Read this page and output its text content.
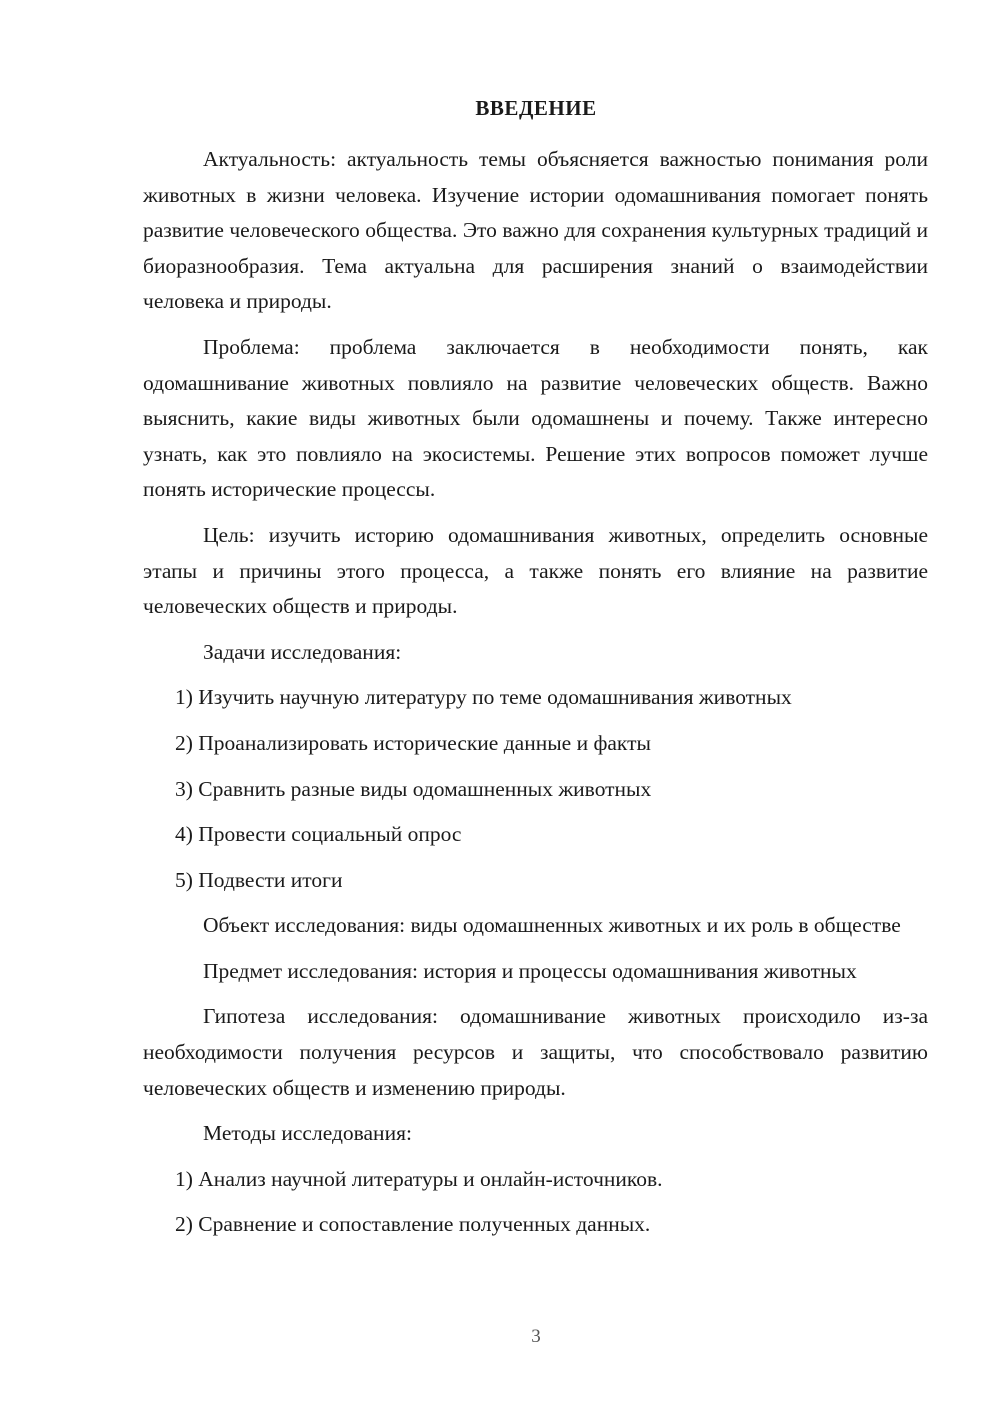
ВВЕДЕНИЕ

Актуальность: актуальность темы объясняется важностью понимания роли животных в жизни человека. Изучение истории одомашнивания помогает понять развитие человеческого общества. Это важно для сохранения культурных традиций и биоразнообразия. Тема актуальна для расширения знаний о взаимодействии человека и природы.

Проблема: проблема заключается в необходимости понять, как одомашнивание животных повлияло на развитие человеческих обществ. Важно выяснить, какие виды животных были одомашнены и почему. Также интересно узнать, как это повлияло на экосистемы. Решение этих вопросов поможет лучше понять исторические процессы.

Цель: изучить историю одомашнивания животных, определить основные этапы и причины этого процесса, а также понять его влияние на развитие человеческих обществ и природы.

Задачи исследования:

1) Изучить научную литературу по теме одомашнивания животных

2) Проанализировать исторические данные и факты

3) Сравнить разные виды одомашненных животных

4) Провести социальный опрос

5) Подвести итоги

Объект исследования: виды одомашненных животных и их роль в обществе

Предмет исследования: история и процессы одомашнивания животных

Гипотеза исследования: одомашнивание животных происходило из-за необходимости получения ресурсов и защиты, что способствовало развитию человеческих обществ и изменению природы.

Методы исследования:

1) Анализ научной литературы и онлайн-источников.

2) Сравнение и сопоставление полученных данных.

3
